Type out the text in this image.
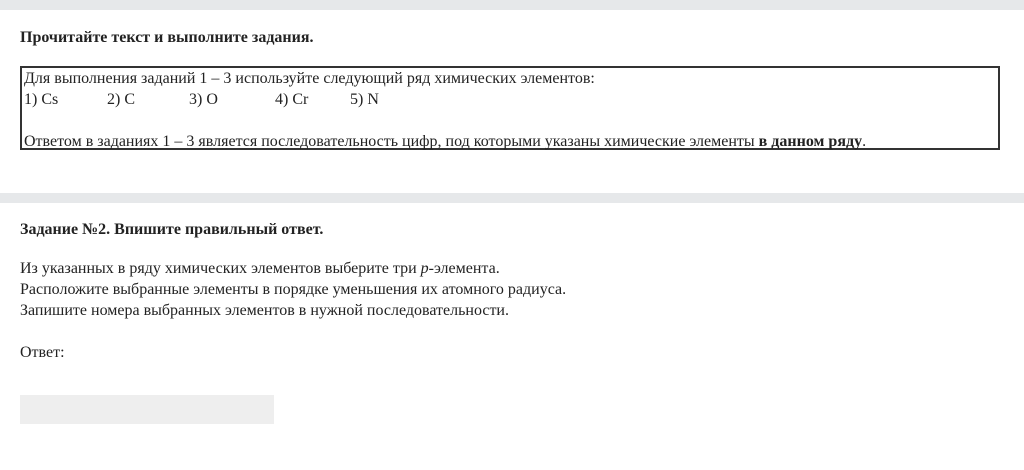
Прочитайте текст и выполните задания.

Для выполнения заданий 1 – 3 используйте следующий ряд химических элементов:
1) Cs	2) C	3) O	4) Cr	5) N
Ответом в заданиях 1 – 3 является последовательность цифр, под которыми указаны химические элементы в данном ряду.

Задание №2. Впишите правильный ответ.

Из указанных в ряду химических элементов выберите три p-элемента.

Расположите выбранные элементы в порядке уменьшения их атомного радиуса.

Запишите номера выбранных элементов в нужной последовательности.

Ответ:
